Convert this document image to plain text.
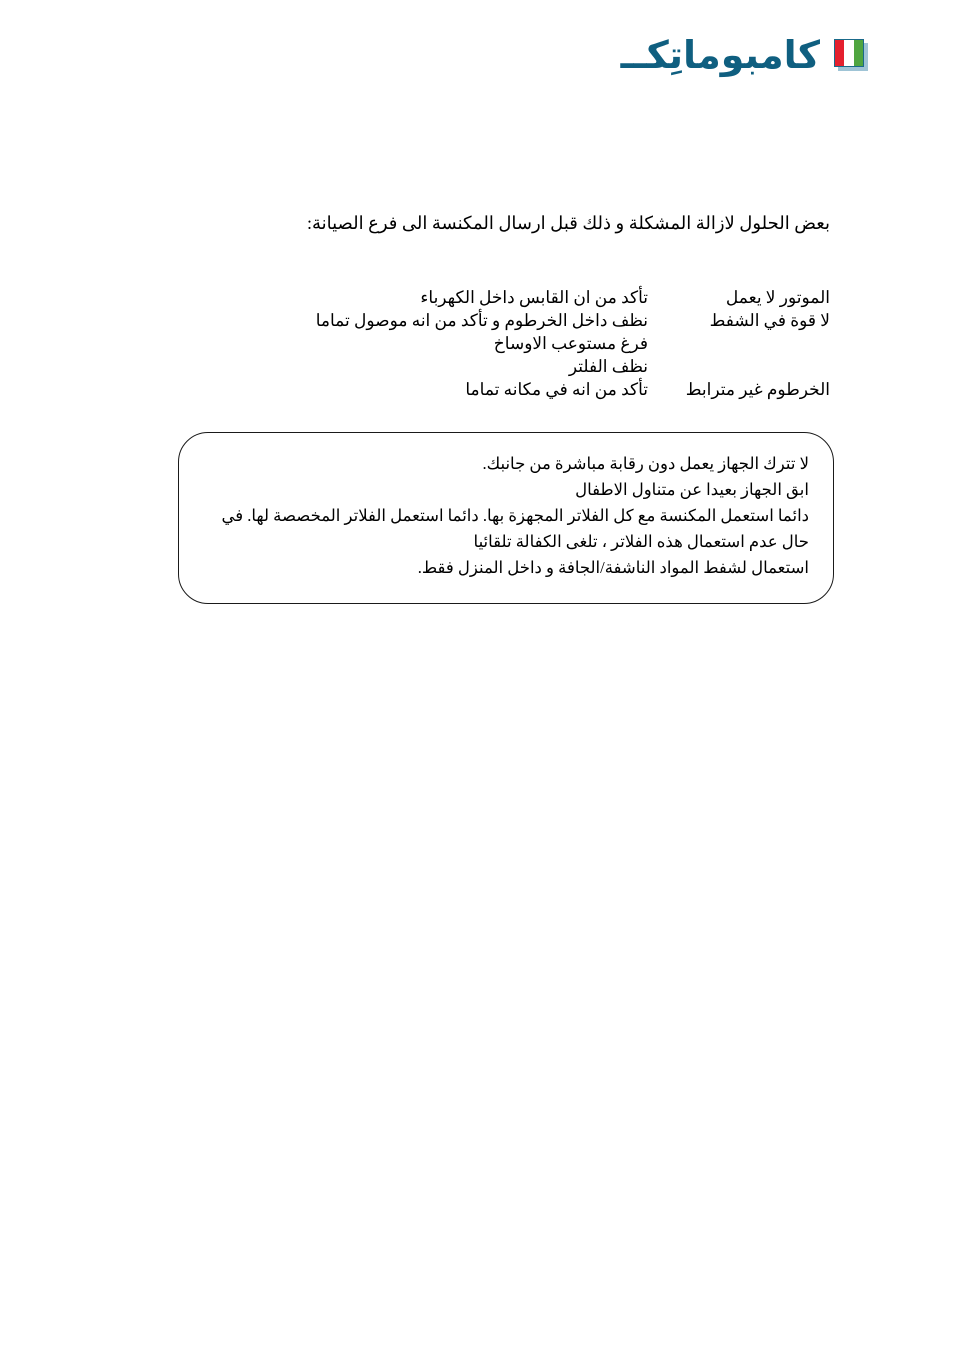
كامبوماتِكــ
بعض الحلول لازالة المشكلة و ذلك قبل ارسال المكنسة الى فرع الصيانة:
الموتور لا يعمل
تأكد من ان القابس داخل الكهرباء
لا قوة في الشفط
نظف داخل الخرطوم و تأكد من انه موصول تماما
فرغ مستوعب الاوساخ
نظف الفلتر
الخرطوم غير مترابط
تأكد من انه في مكانه تماما
لا تترك الجهاز يعمل دون رقابة مباشرة من جانبك.
ابق الجهاز بعيدا عن متناول الاطفال
دائما استعمل المكنسة مع كل الفلاتر المجهزة بها. دائما استعمل الفلاتر المخصصة لها. في حال عدم استعمال هذه الفلاتر ، تلغى الكفالة تلقائيا
استعمال لشفط المواد الناشفة/الجافة و داخل المنزل فقط.
